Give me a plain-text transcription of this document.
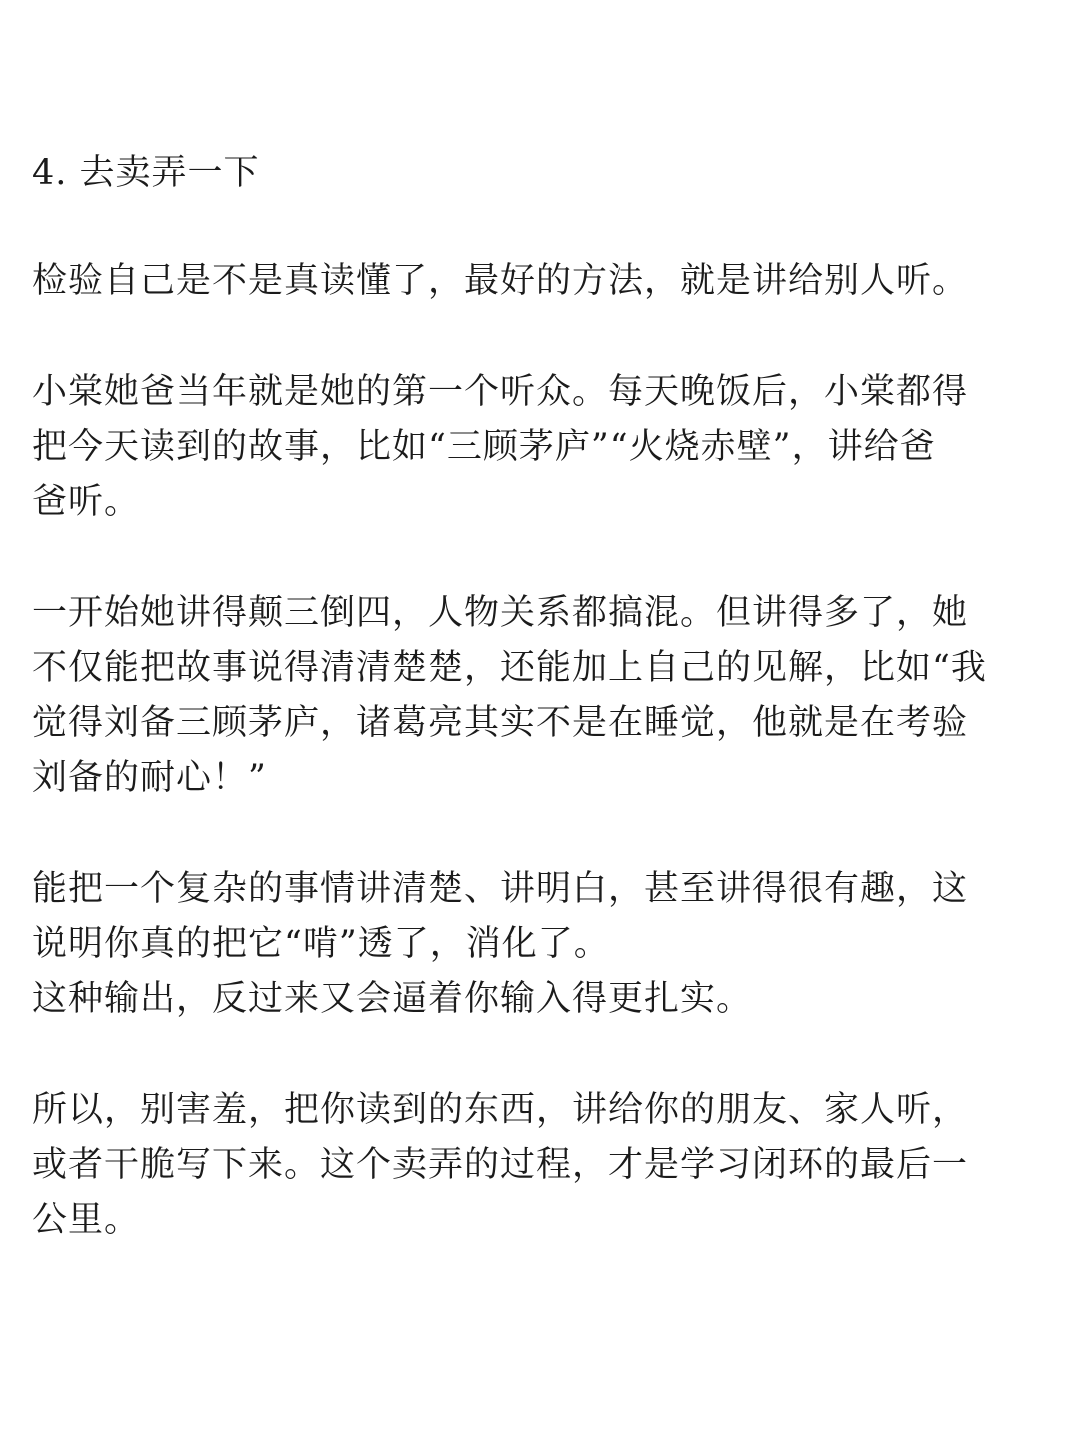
4. 去卖弄一下
检验自己是不是真读懂了，最好的方法，就是讲给别人听。
小棠她爸当年就是她的第一个听众。每天晚饭后，小棠都得
把今天读到的故事，比如“三顾茅庐”“火烧赤壁”，讲给爸
爸听。
一开始她讲得颠三倒四，人物关系都搞混。但讲得多了，她
不仅能把故事说得清清楚楚，还能加上自己的见解，比如“我
觉得刘备三顾茅庐，诸葛亮其实不是在睡觉，他就是在考验
刘备的耐心！”
能把一个复杂的事情讲清楚、讲明白，甚至讲得很有趣，这
说明你真的把它“啃”透了，消化了。
这种输出，反过来又会逼着你输入得更扎实。
所以，别害羞，把你读到的东西，讲给你的朋友、家人听，
或者干脆写下来。这个卖弄的过程，才是学习闭环的最后一
公里。
